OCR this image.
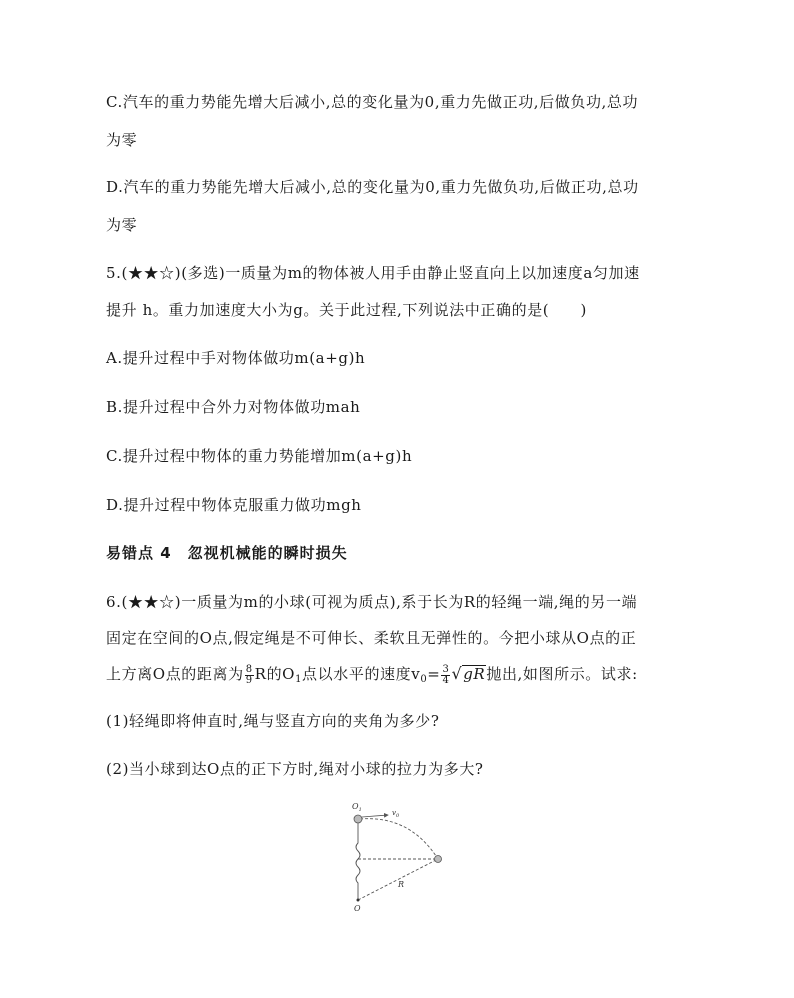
C.汽车的重力势能先增大后减小,总的变化量为0,重力先做正功,后做负功,总功
为零
D.汽车的重力势能先增大后减小,总的变化量为0,重力先做负功,后做正功,总功
为零
5.(★★☆)(多选)一质量为m的物体被人用手由静止竖直向上以加速度a匀加速
提升 h。重力加速度大小为g。关于此过程,下列说法中正确的是(　　)
A.提升过程中手对物体做功m(a+g)h
B.提升过程中合外力对物体做功mah
C.提升过程中物体的重力势能增加m(a+g)h
D.提升过程中物体克服重力做功mgh
易错点 4　忽视机械能的瞬时损失
6.(★★☆)一质量为m的小球(可视为质点),系于长为R的轻绳一端,绳的另一端
固定在空间的O点,假定绳是不可伸长、柔软且无弹性的。今把小球从O点的正
上方离O点的距离为 $\frac{8}{9}$ R的$O_1$点以水平的速度$v_0= \frac{3}{4} √gR$抛出,如图所示。试求:
(1)轻绳即将伸直时,绳与竖直方向的夹角为多少?
(2)当小球到达O点的正下方时,绳对小球的拉力为多大?
$O_1$	$v_0$
R
O
